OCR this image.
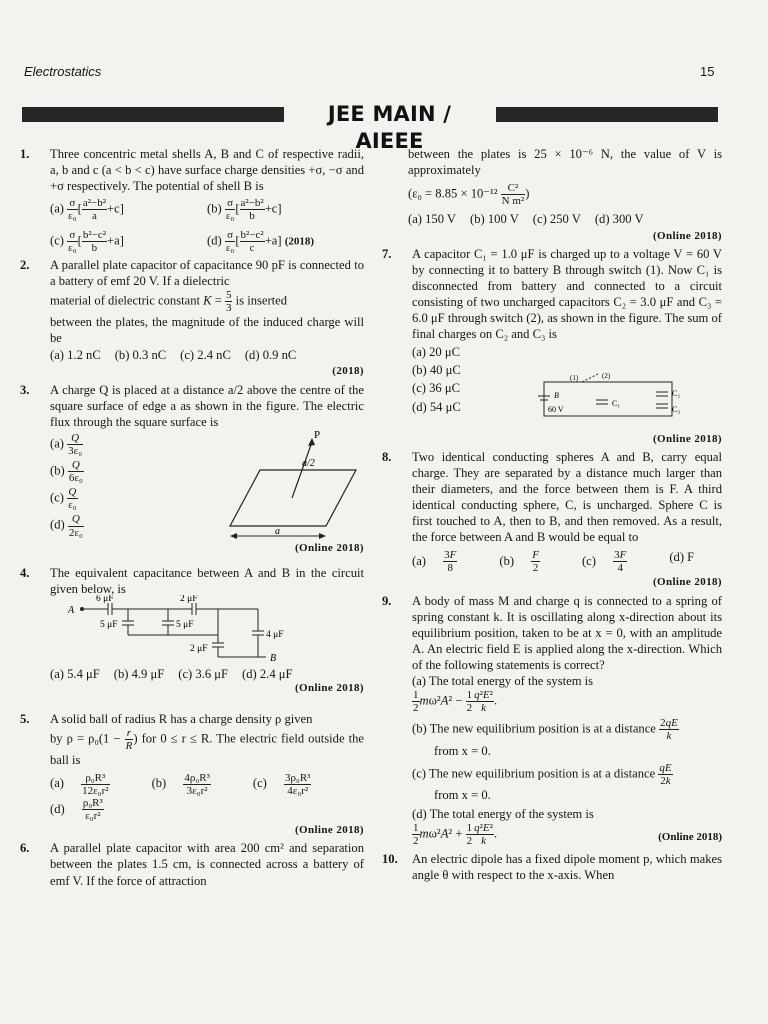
Electrostatics	15
JEE MAIN / AIEEE
1. Three concentric metal shells A, B and C of respective radii, a, b and c (a < b < c) have surface charge densities +σ, −σ and +σ respectively. The potential of shell B is

$(a) \frac{\sigma}{\text{ε₀}}$ [ $\frac{\text{a²−b²}}{a} +c$]	$(b) \frac{\sigma}{\text{ε₀}}$ [ $\frac{\text{a²−b²}}{b} +c$]
$(c) \frac{\sigma}{\text{ε₀}}$ [ $\frac{\text{b²−c²}}{b} +a$]	$(d) \frac{\sigma}{\text{ε₀}}$ [ $\frac{\text{b²−c²}}{c} +a$] (2018)
2. A parallel plate capacitor of capacitance 90 pF is connected to a battery of emf 20 V. If a dielectric

material of dielectric constant $K = \frac{5}{3}$ is inserted

between the plates, the magnitude of the induced charge will be

(a) 1.2 nC (b) 0.3 nC (c) 2.4 nC (d) 0.9 nC
(2018)
3. A charge Q is placed at a distance a/2 above the centre of the square surface of edge a as shown in the figure. The electric flux through the square surface is

$(a) \frac{Q}{\text{3ε₀}}$
$(b) \frac{Q}{\text{6ε₀}}$
$(c) \frac{Q}{\text{ε₀}}$
$(d) \frac{Q}{\text{2ε₀}}$
(Online 2018)
P
a/2
a
4. The equivalent capacitance between A and B in the circuit given below, is

A
B
6 μF	2 μF
5 μF	5 μF
4 μF
2 μF
(a) 5.4 μF (b) 4.9 μF (c) 3.6 μF (d) 2.4 μF
(Online 2018)
5. A solid ball of radius R has a charge density ρ given

by $\rho = \rho_0(1 - \frac{r}{R}$ ) for 0 ≤ r ≤ R. The electric field outside the ball is

$(a) \frac{\text{ρ₀R³}}{\text{12ε₀r²}} (b) \frac{\text{4ρ₀R³}}{\text{3ε₀r²}} (c) \frac{\text{3ρ₀R³}}{\text{4ε₀r²}}$
$(d) \frac{\text{ρ₀R³}}{\text{ε₀r²}}$
(Online 2018)
6. A parallel plate capacitor with area 200 cm² and separation between the plates 1.5 cm, is connected across a battery of emf V. If the force of attraction

between the plates is 25 × 10⁻⁶ N, the value of V is approximately

($\varepsilon_0 = 8.85 \times 10^{-12} \frac{\text{C²}}{\text{N m²}}$ )

(a) 150 V (b) 100 V (c) 250 V (d) 300 V
(Online 2018)
7. A capacitor C₁ = 1.0 μF is charged up to a voltage V = 60 V by connecting it to battery B through switch (1). Now C₁ is disconnected from battery and connected to a circuit consisting of two uncharged capacitors C₂ = 3.0 μF and C₃ = 6.0 μF through switch (2), as shown in the figure. The sum of final charges on C₂ and C₃ is

(a) 20 μC
(b) 40 μC
(c) 36 μC
(d) 54 μC
B
60 V
(1)	(2)
C₁
C₂
C₃
(Online 2018)
8. Two identical conducting spheres A and B, carry equal charge. They are separated by a distance much larger than their diameters, and the force between them is F. A third identical conducting sphere, C, is uncharged. Sphere C is first touched to A, then to B, and then removed. As a result, the force between A and B would be equal to

$(a) \frac{3F}{8} (b) \frac{F}{2} (c) \frac{3F}{4} (d)$ F
(Online 2018)
9. A body of mass M and charge q is connected to a spring of spring constant k. It is oscillating along x-direction about its equilibrium position, taken to be at x = 0, with an amplitude A. An electric field E is applied along the x-direction. Which of the following statements is correct?

(a) The total energy of the system is

$\frac{1}{2} m\omega^2A^2 - \frac{1}{2} \frac{\text{q²E²}}{k}$ .
(b) The new equilibrium position is at a distance $\frac{2qE}{k}$

from x = 0.
(c) The new equilibrium position is at a distance $\frac{qE}{2k}$

from x = 0.
(d) The total energy of the system is

$\frac{1}{2} m\omega^2A^2 + \frac{1}{2} \frac{\text{q²E²}}{k}$ .	(Online 2018)
10. An electric dipole has a fixed dipole moment p, which makes angle θ with respect to the x-axis. When
